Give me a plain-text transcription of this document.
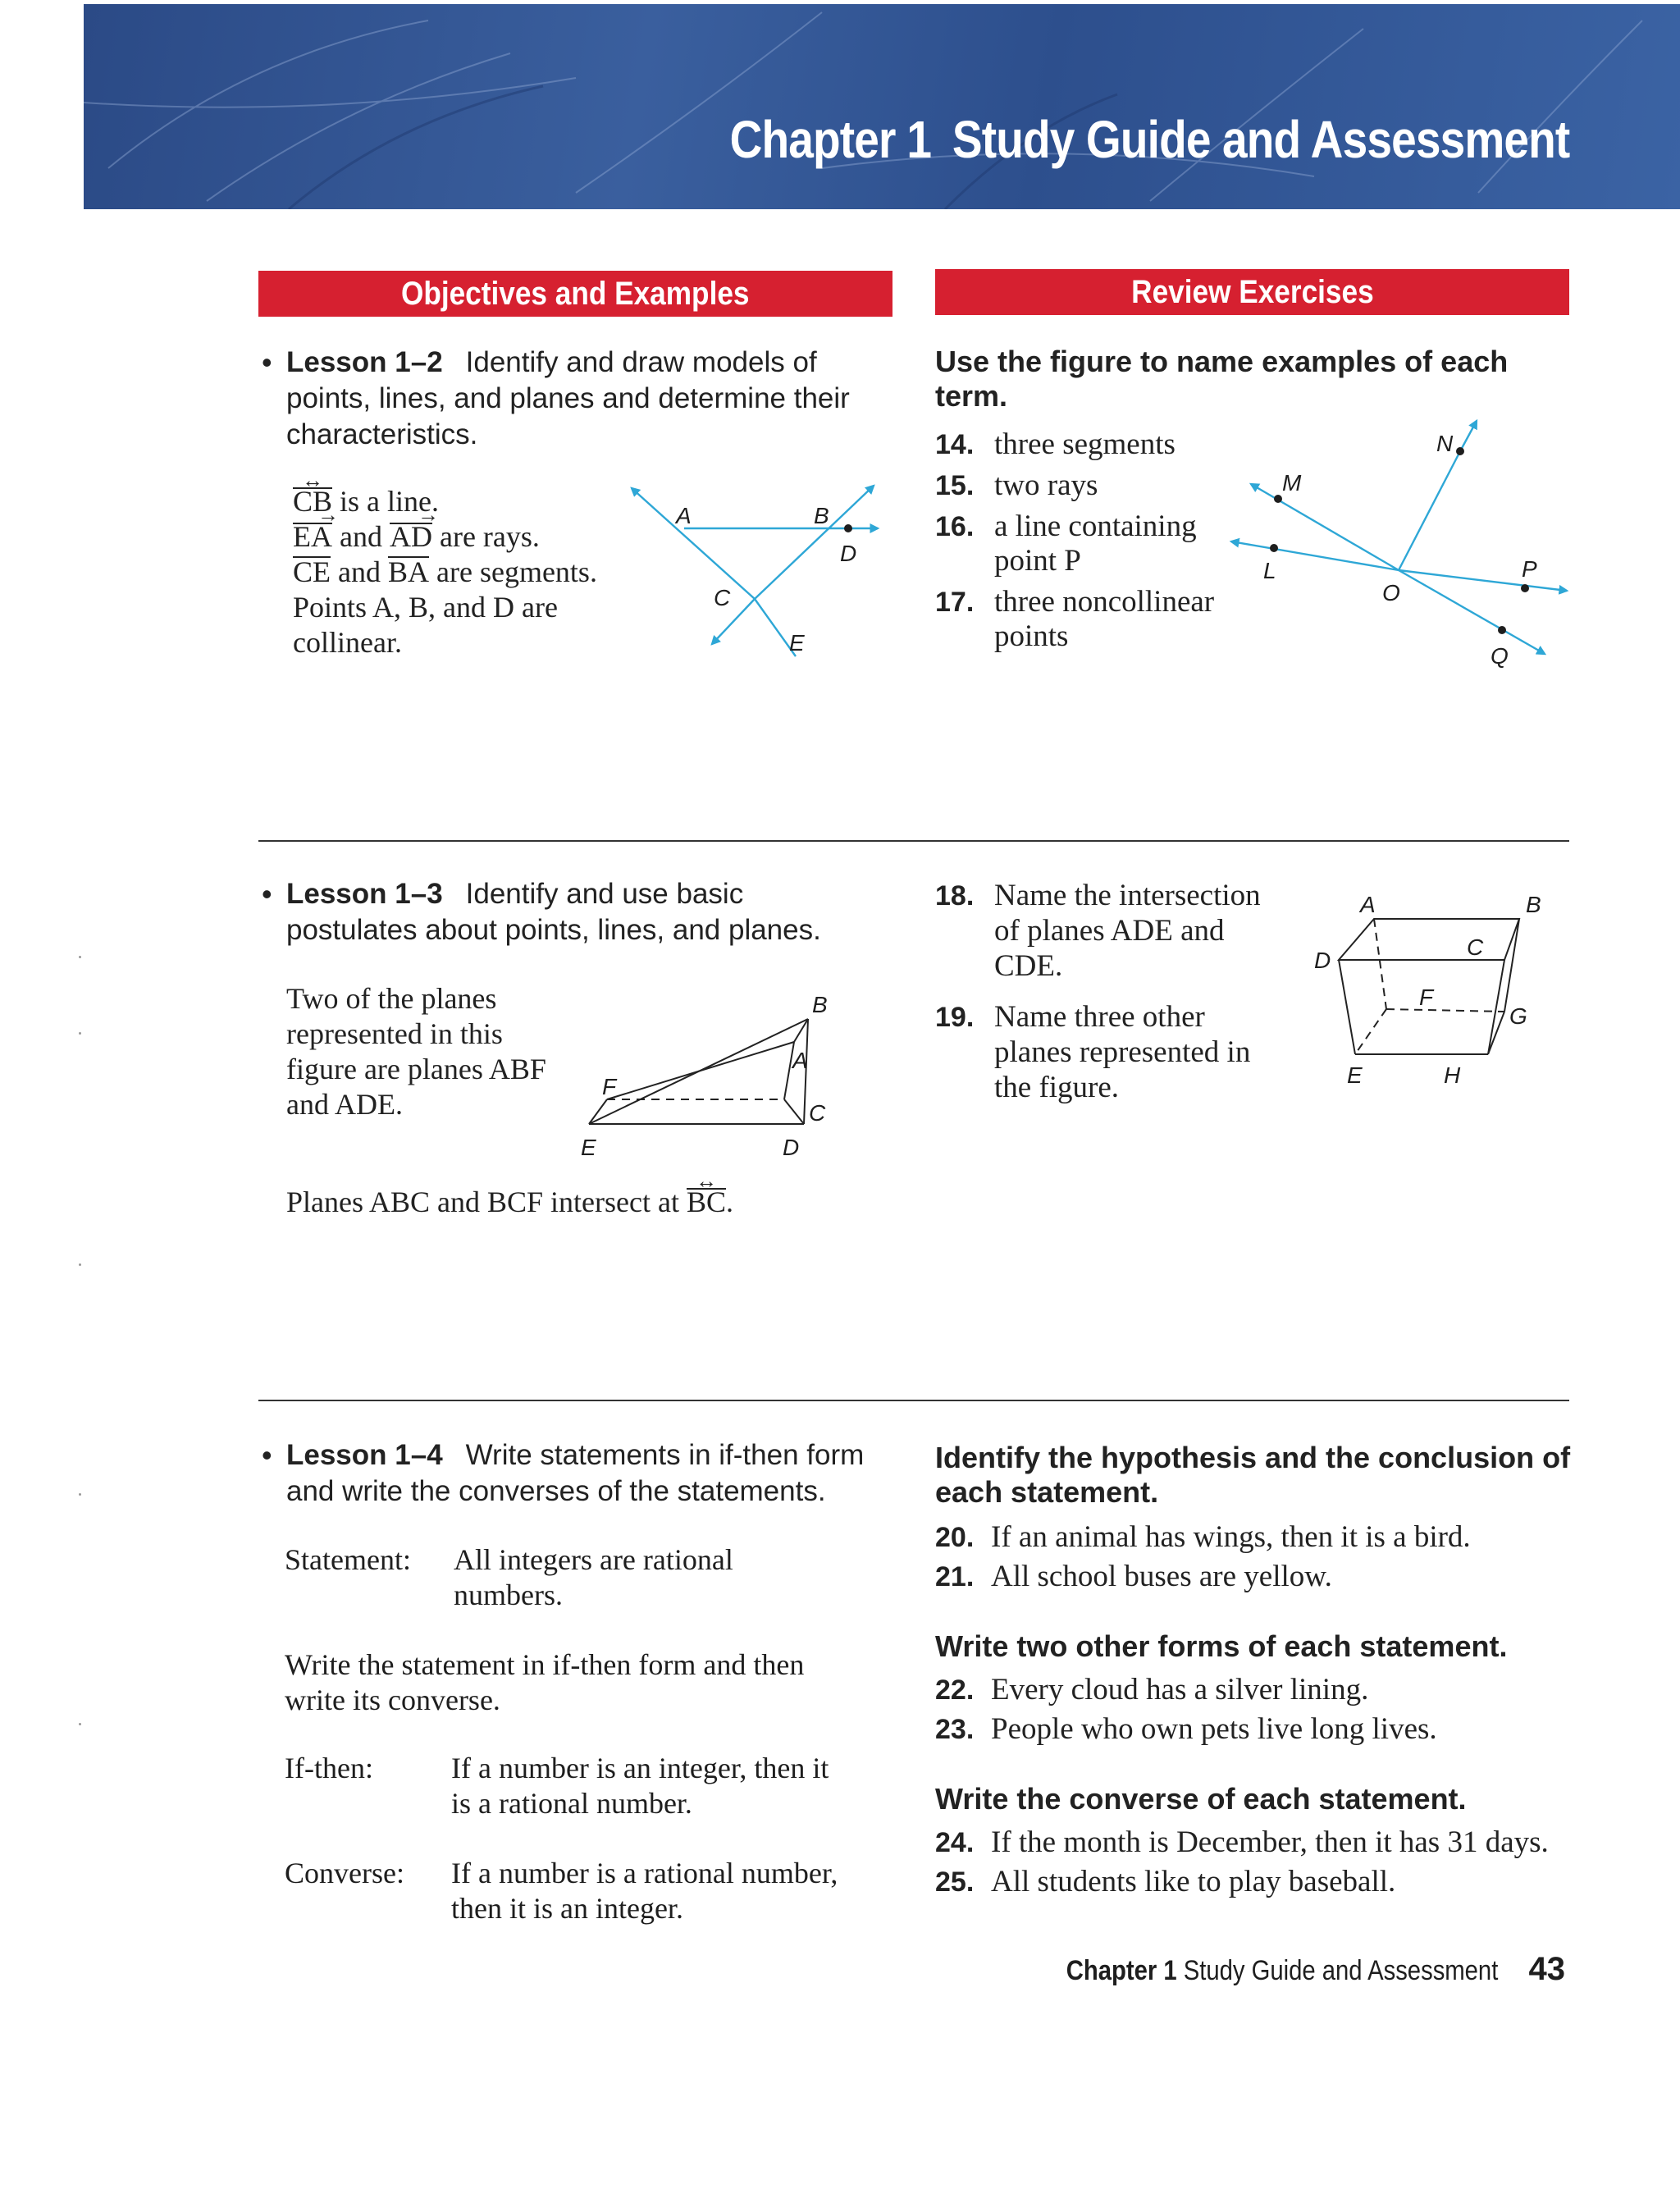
Chapter 1 Study Guide and Assessment
Objectives and Examples	Review Exercises
• Lesson 1–2 Identify and draw models of points, lines, and planes and determine their characteristics.
CB ↔ is a line.
EA → and AD → are rays.
CE and BA are segments.
Points A, B, and D are
collinear.
A	B
D
C
E
Use the figure to name examples of each term.
14. three segments
15. two rays
16. a line containing
point P
17. three noncollinear
points
M
N
L
O
P
Q
• Lesson 1–3 Identify and use basic postulates about points, lines, and planes.
Two of the planes
represented in this
figure are planes ABF
and ADE.
B
A
C
D
E
F
Planes ABC and BCF intersect at BC ↔.
18. Name the intersection
of planes ADE and
CDE.
19. Name three other
planes represented in
the figure.
A	B
C
D
F
G
E	H
• Lesson 1–4 Write statements in if-then form and write the converses of the statements.
Statement: All integers are rational
numbers.
Write the statement in if-then form and then
write its converse.
If-then:	If a number is an integer, then it
is a rational number.
Converse: If a number is a rational number,
then it is an integer.
Identify the hypothesis and the conclusion of each statement.
20. If an animal has wings, then it is a bird.
21. All school buses are yellow.
Write two other forms of each statement.
22. Every cloud has a silver lining.
23. People who own pets live long lives.
Write the converse of each statement.
24. If the month is December, then it has 31 days.
25. All students like to play baseball.
Chapter 1 Study Guide and Assessment 43
